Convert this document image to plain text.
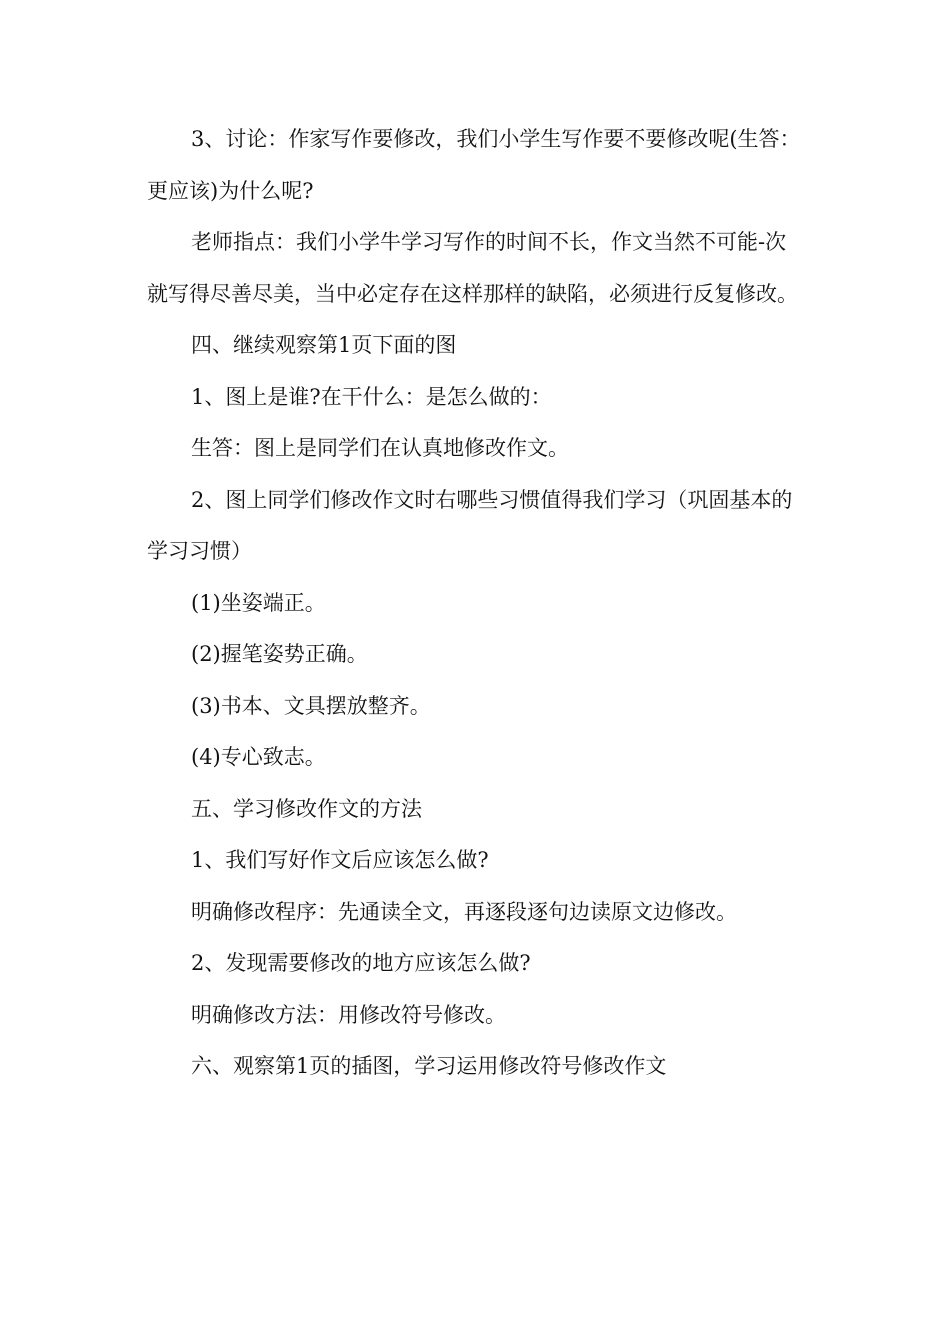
3、讨论：作家写作要修改，我们小学生写作要不要修改呢(生答：更应该)为什么呢?

老师指点：我们小学牛学习写作的时间不长，作文当然不可能-次就写得尽善尽美，当中必定存在这样那样的缺陷，必须进行反复修改。

四、继续观察第1页下面的图

1、图上是谁?在干什么：是怎么做的：

生答：图上是同学们在认真地修改作文。

2、图上同学们修改作文时右哪些习惯值得我们学习（巩固基本的学习习惯）

(1)坐姿端正。

(2)握笔姿势正确。

(3)书本、文具摆放整齐。

(4)专心致志。

五、学习修改作文的方法

1、我们写好作文后应该怎么做?

明确修改程序：先通读全文，再逐段逐句边读原文边修改。

2、发现需要修改的地方应该怎么做?

明确修改方法：用修改符号修改。

六、观察第1页的插图，学习运用修改符号修改作文
